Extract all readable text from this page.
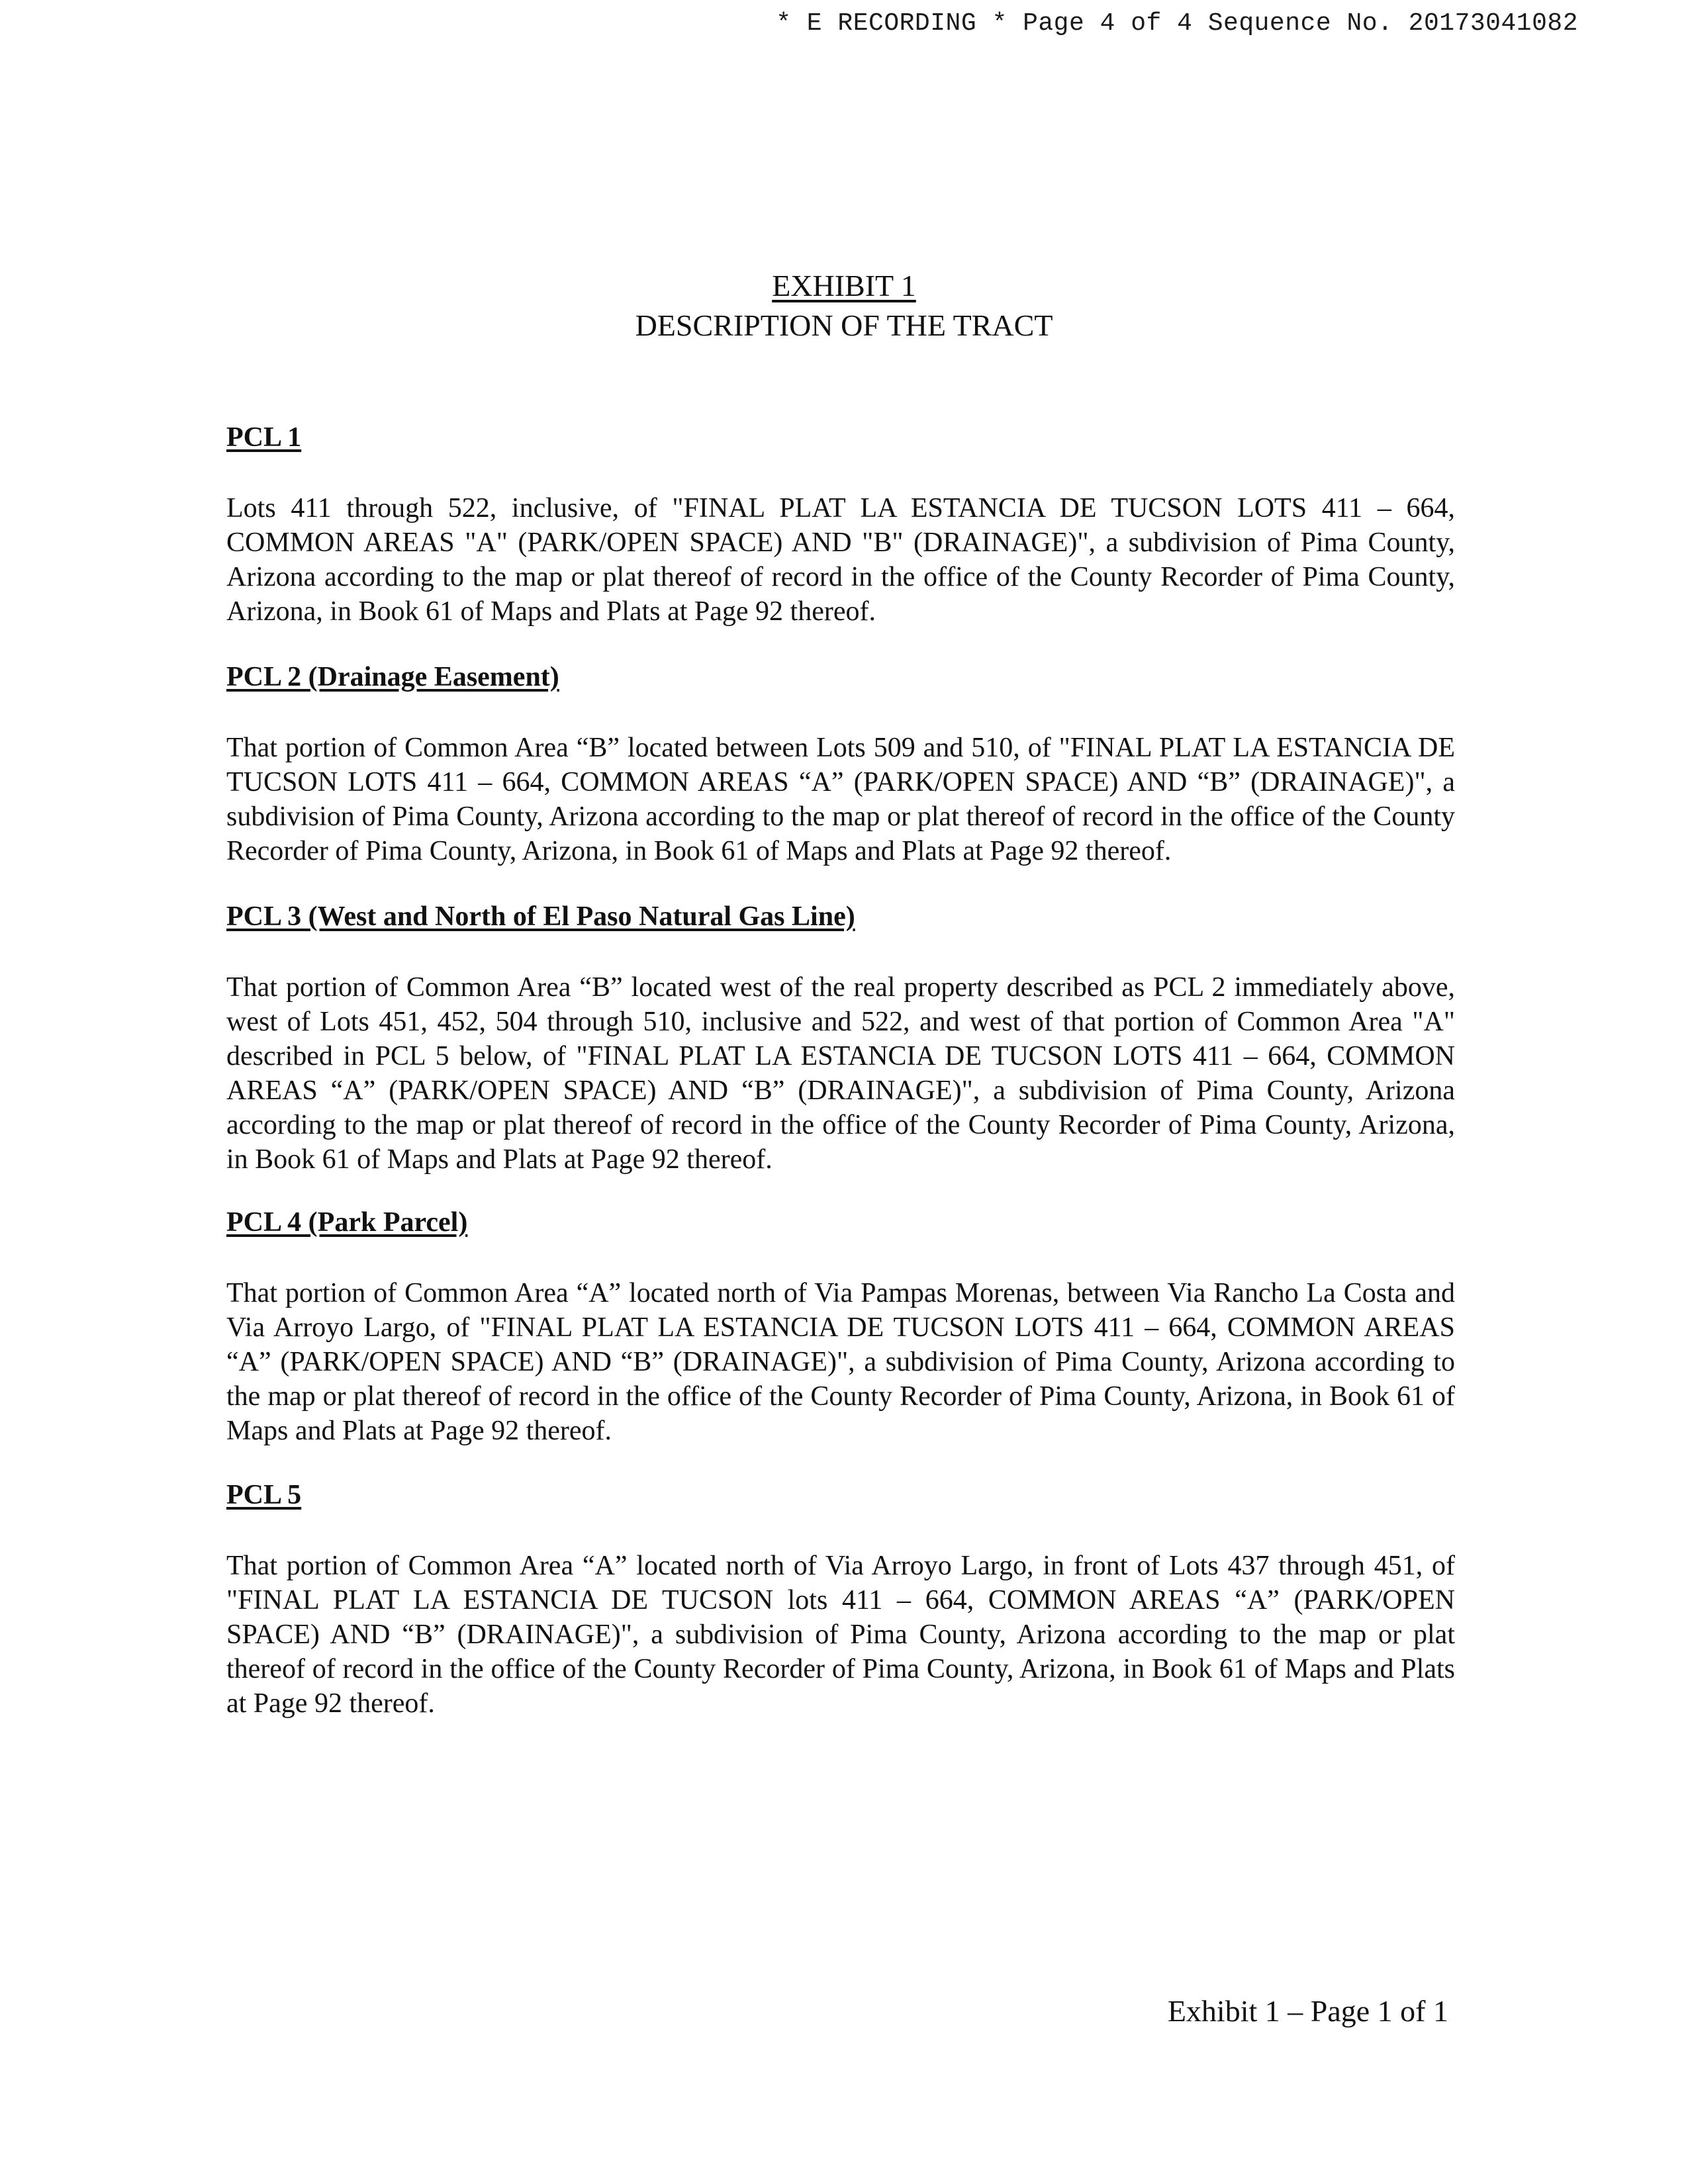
* E RECORDING * Page 4 of 4 Sequence No. 20173041082
EXHIBIT 1
DESCRIPTION OF THE TRACT
PCL 1

Lots 411 through 522, inclusive, of "FINAL PLAT LA ESTANCIA DE TUCSON LOTS 411 – 664, COMMON AREAS "A" (PARK/OPEN SPACE) AND "B" (DRAINAGE)", a subdivision of Pima County, Arizona according to the map or plat thereof of record in the office of the County Recorder of Pima County, Arizona, in Book 61 of Maps and Plats at Page 92 thereof.

PCL 2 (Drainage Easement)

That portion of Common Area “B” located between Lots 509 and 510, of "FINAL PLAT LA ESTANCIA DE TUCSON LOTS 411 – 664, COMMON AREAS “A” (PARK/OPEN SPACE) AND “B” (DRAINAGE)", a subdivision of Pima County, Arizona according to the map or plat thereof of record in the office of the County Recorder of Pima County, Arizona, in Book 61 of Maps and Plats at Page 92 thereof.

PCL 3 (West and North of El Paso Natural Gas Line)

That portion of Common Area “B” located west of the real property described as PCL 2 immediately above, west of Lots 451, 452, 504 through 510, inclusive and 522, and west of that portion of Common Area "A" described in PCL 5 below, of "FINAL PLAT LA ESTANCIA DE TUCSON LOTS 411 – 664, COMMON AREAS “A” (PARK/OPEN SPACE) AND “B” (DRAINAGE)", a subdivision of Pima County, Arizona according to the map or plat thereof of record in the office of the County Recorder of Pima County, Arizona, in Book 61 of Maps and Plats at Page 92 thereof.

PCL 4 (Park Parcel)

That portion of Common Area “A” located north of Via Pampas Morenas, between Via Rancho La Costa and Via Arroyo Largo, of "FINAL PLAT LA ESTANCIA DE TUCSON LOTS 411 – 664, COMMON AREAS “A” (PARK/OPEN SPACE) AND “B” (DRAINAGE)", a subdivision of Pima County, Arizona according to the map or plat thereof of record in the office of the County Recorder of Pima County, Arizona, in Book 61 of Maps and Plats at Page 92 thereof.

PCL 5

That portion of Common Area “A” located north of Via Arroyo Largo, in front of Lots 437 through 451, of "FINAL PLAT LA ESTANCIA DE TUCSON lots 411 – 664, COMMON AREAS “A” (PARK/OPEN SPACE) AND “B” (DRAINAGE)", a subdivision of Pima County, Arizona according to the map or plat thereof of record in the office of the County Recorder of Pima County, Arizona, in Book 61 of Maps and Plats at Page 92 thereof.

Exhibit 1 – Page 1 of 1
